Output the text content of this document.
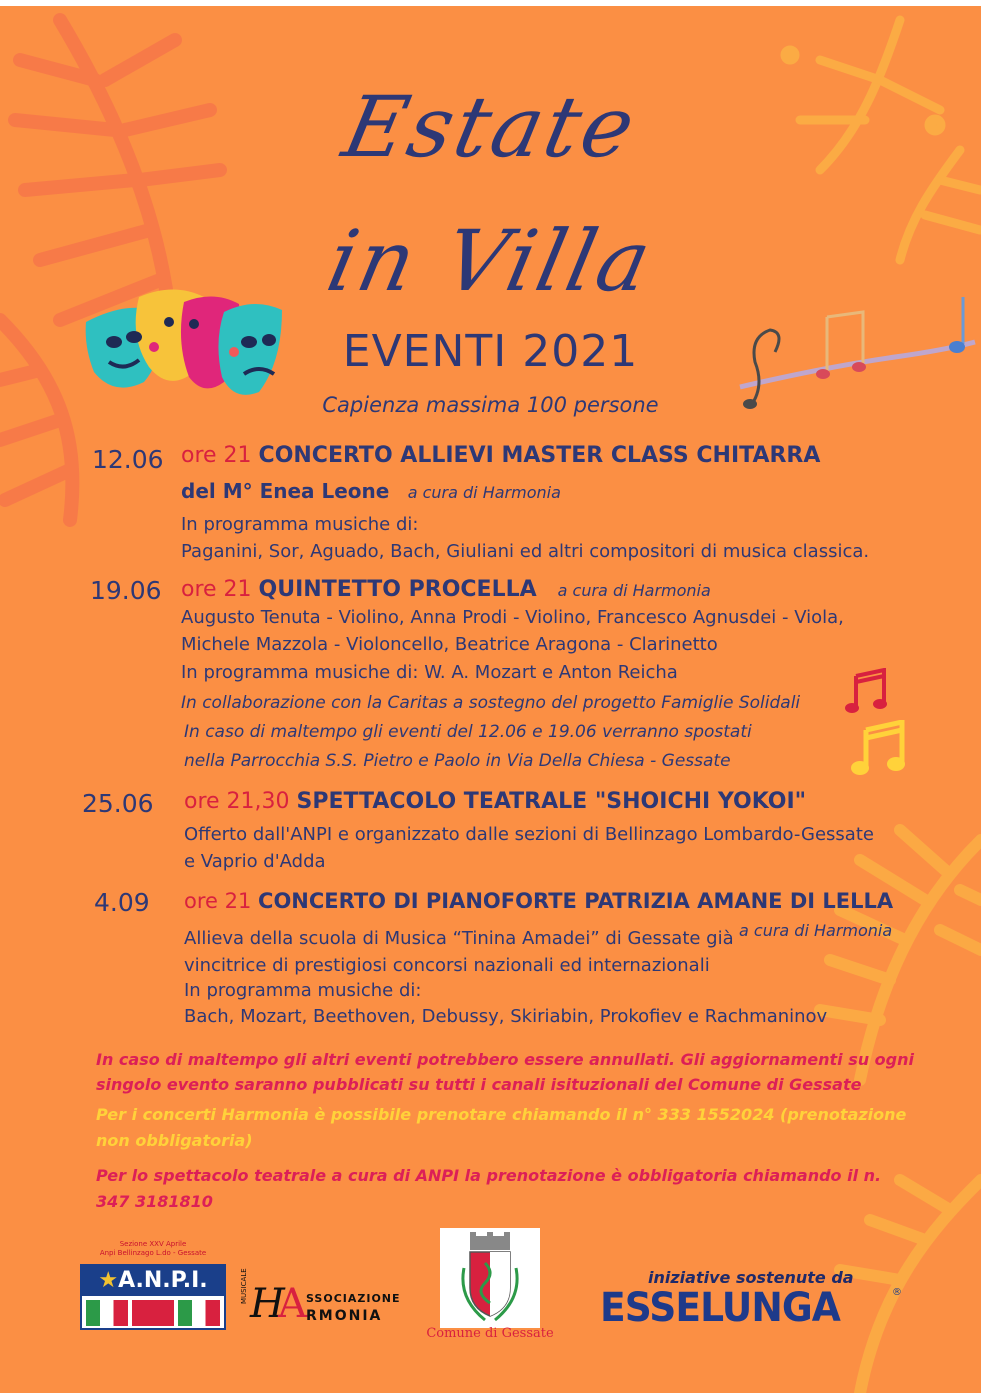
Estate
in Villa
EVENTI 2021
Capienza massima 100 persone
12.06 ore 21 CONCERTO ALLIEVI MASTER CLASS CHITARRA
del M° Enea Leone a cura di Harmonia
In programma musiche di:
Paganini, Sor, Aguado, Bach, Giuliani ed altri compositori di musica classica.
19.06 ore 21 QUINTETTO PROCELLA a cura di Harmonia
Augusto Tenuta - Violino, Anna Prodi - Violino, Francesco Agnusdei - Viola,
Michele Mazzola - Violoncello, Beatrice Aragona - Clarinetto
In programma musiche di: W. A. Mozart e Anton Reicha
In collaborazione con la Caritas a sostegno del progetto Famiglie Solidali
In caso di maltempo gli eventi del 12.06 e 19.06 verranno spostati
nella Parrocchia S.S. Pietro e Paolo in Via Della Chiesa - Gessate
25.06 ore 21,30 SPETTACOLO TEATRALE "SHOICHI YOKOI"
Offerto dall'ANPI e organizzato dalle sezioni di Bellinzago Lombardo-Gessate
e Vaprio d'Adda
4.09 ore 21 CONCERTO DI PIANOFORTE PATRIZIA AMANE DI LELLA
a cura di Harmonia
Allieva della scuola di Musica “Tinina Amadei” di Gessate già
vincitrice di prestigiosi concorsi nazionali ed internazionali
In programma musiche di:
Bach, Mozart, Beethoven, Debussy, Skiriabin, Prokofiev e Rachmaninov
In caso di maltempo gli altri eventi potrebbero essere annullati. Gli aggiornamenti su ogni
singolo evento saranno pubblicati su tutti i canali isituzionali del Comune di Gessate
Per i concerti Harmonia è possibile prenotare chiamando il n° 333 1552024 (prenotazione
non obbligatoria)
Per lo spettacolo teatrale a cura di ANPI la prenotazione è obbligatoria chiamando il n.
347 3181810
Sezione XXV Aprile
Anpi Bellinzago L.do - Gessate
★A.N.P.I.	MUSICALE H
A SSOCIAZIONE
RMONIA
Comune di Gessate
iniziative sostenute da
ESSELUNGA	®
